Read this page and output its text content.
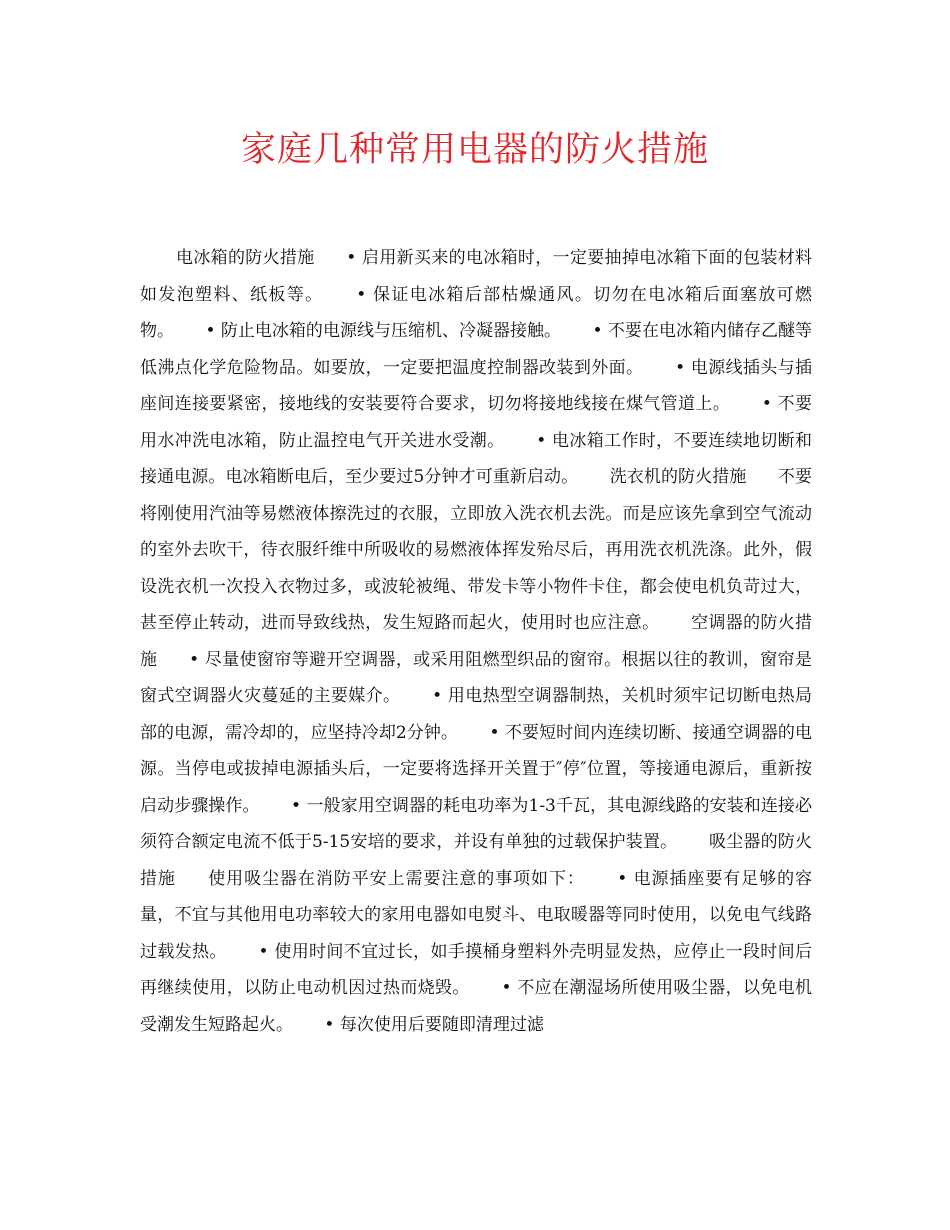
家庭几种常用电器的防火措施

电冰箱的防火措施 • 启用新买来的电冰箱时，一定要抽掉电冰箱下面的包装材料如发泡塑料、纸板等。 • 保证电冰箱后部枯燥通风。切勿在电冰箱后面塞放可燃物。 • 防止电冰箱的电源线与压缩机、冷凝器接触。 • 不要在电冰箱内储存乙醚等低沸点化学危险物品。如要放，一定要把温度控制器改装到外面。 • 电源线插头与插座间连接要紧密，接地线的安装要符合要求，切勿将接地线接在煤气管道上。 • 不要用水冲洗电冰箱，防止温控电气开关进水受潮。 • 电冰箱工作时，不要连续地切断和接通电源。电冰箱断电后，至少要过5分钟才可重新启动。 洗衣机的防火措施 不要将刚使用汽油等易燃液体擦洗过的衣服，立即放入洗衣机去洗。而是应该先拿到空气流动的室外去吹干，待衣服纤维中所吸收的易燃液体挥发殆尽后，再用洗衣机洗涤。此外，假设洗衣机一次投入衣物过多，或波轮被绳、带发卡等小物件卡住，都会使电机负苛过大，甚至停止转动，进而导致线热，发生短路而起火，使用时也应注意。 空调器的防火措施 • 尽量使窗帘等避开空调器，或采用阻燃型织品的窗帘。根据以往的教训，窗帘是窗式空调器火灾蔓延的主要媒介。 • 用电热型空调器制热，关机时须牢记切断电热局部的电源，需冷却的，应坚持冷却2分钟。 • 不要短时间内连续切断、接通空调器的电源。当停电或拔掉电源插头后，一定要将选择开关置于″停″位置，等接通电源后，重新按启动步骤操作。 • 一般家用空调器的耗电功率为1-3千瓦，其电源线路的安装和连接必须符合额定电流不低于5-15安培的要求，并设有单独的过载保护装置。 吸尘器的防火措施 使用吸尘器在消防平安上需要注意的事项如下： • 电源插座要有足够的容量，不宜与其他用电功率较大的家用电器如电熨斗、电取暖器等同时使用，以免电气线路过载发热。 • 使用时间不宜过长，如手摸桶身塑料外壳明显发热，应停止一段时间后再继续使用，以防止电动机因过热而烧毁。 • 不应在潮湿场所使用吸尘器，以免电机受潮发生短路起火。 • 每次使用后要随即清理过滤
